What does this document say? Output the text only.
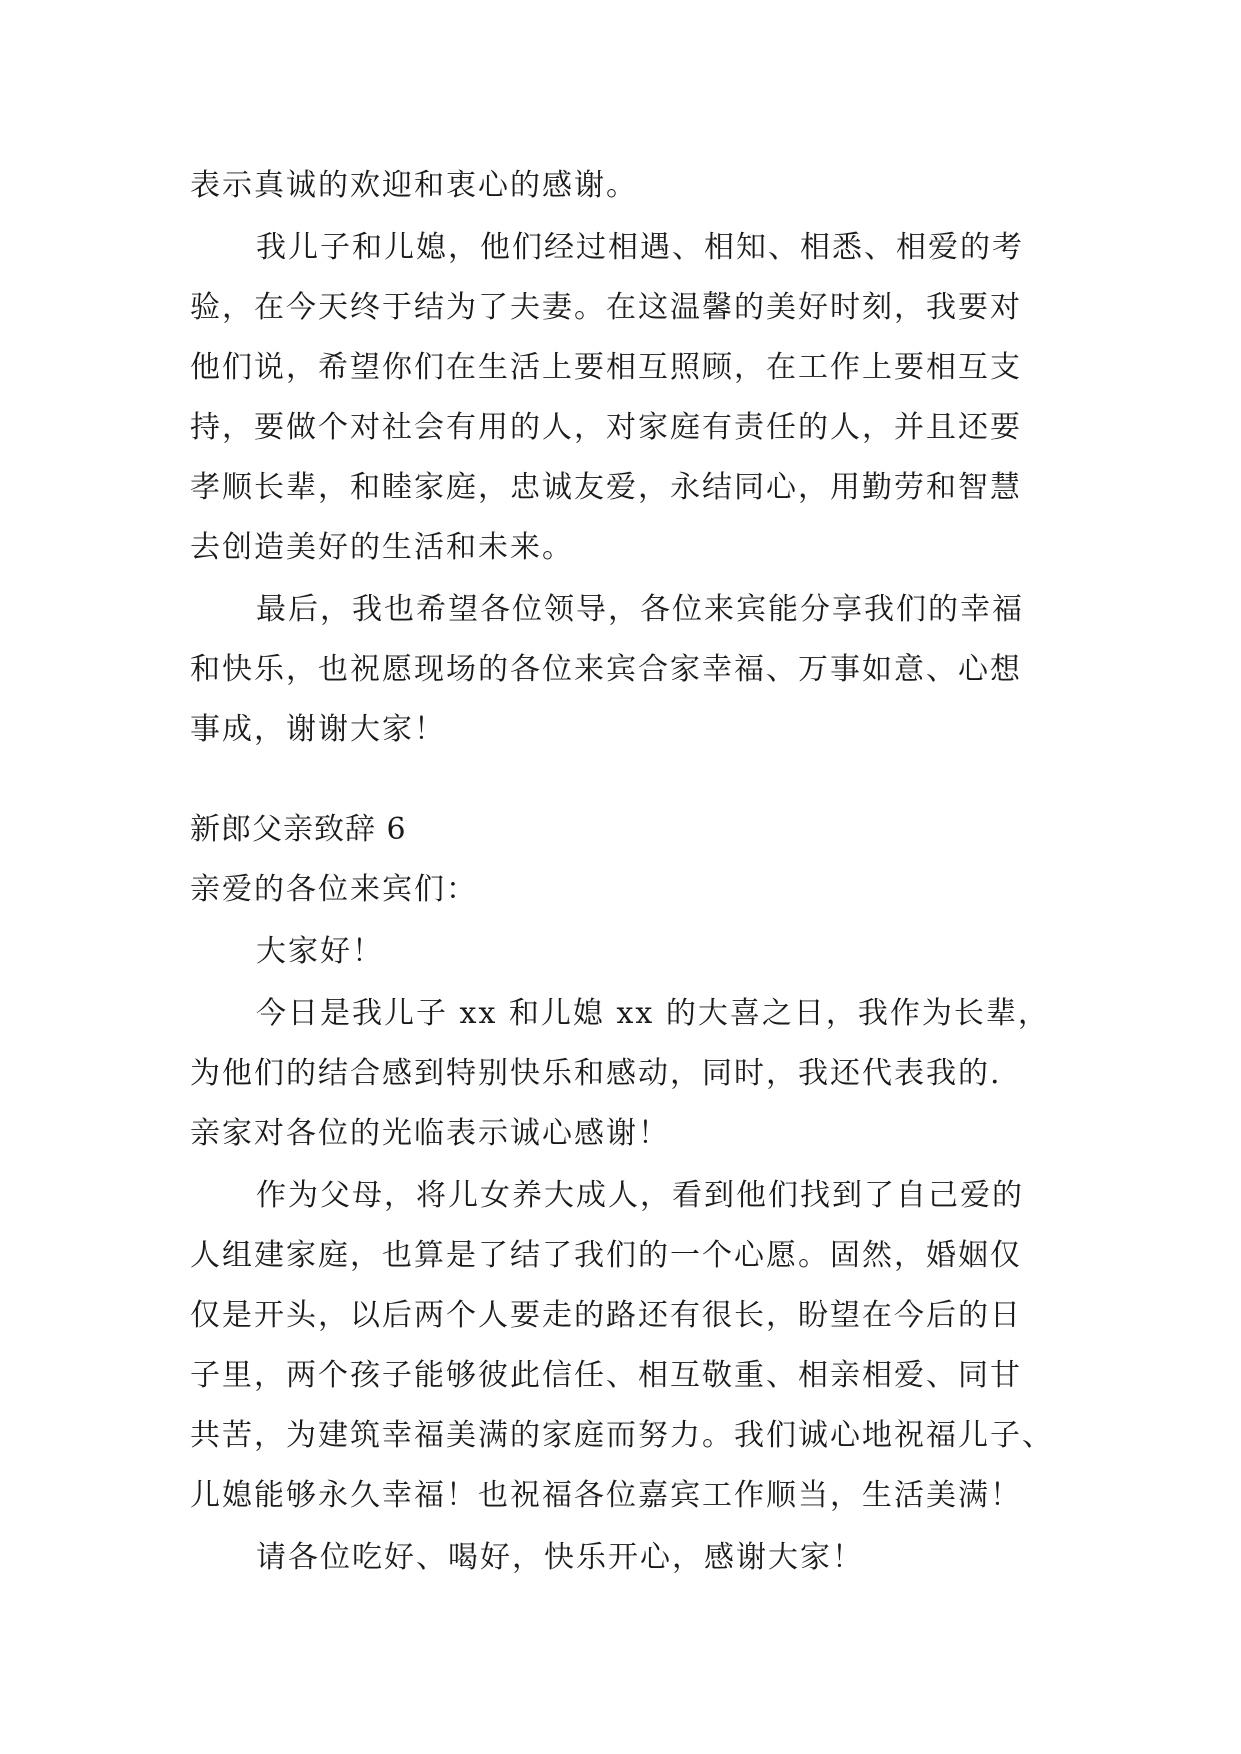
表示真诚的欢迎和衷心的感谢。
我儿子和儿媳，他们经过相遇、相知、相悉、相爱的考
验，在今天终于结为了夫妻。在这温馨的美好时刻，我要对
他们说，希望你们在生活上要相互照顾，在工作上要相互支
持，要做个对社会有用的人，对家庭有责任的人，并且还要
孝顺长辈，和睦家庭，忠诚友爱，永结同心，用勤劳和智慧
去创造美好的生活和未来。
最后，我也希望各位领导，各位来宾能分享我们的幸福
和快乐，也祝愿现场的各位来宾合家幸福、万事如意、心想
事成，谢谢大家！
新郎父亲致辞 6
亲爱的各位来宾们：
大家好！
今日是我儿子 xx 和儿媳 xx 的大喜之日，我作为长辈，
为他们的结合感到特别快乐和感动，同时，我还代表我的.
亲家对各位的光临表示诚心感谢！
作为父母，将儿女养大成人，看到他们找到了自己爱的
人组建家庭，也算是了结了我们的一个心愿。固然，婚姻仅
仅是开头，以后两个人要走的路还有很长，盼望在今后的日
子里，两个孩子能够彼此信任、相互敬重、相亲相爱、同甘
共苦，为建筑幸福美满的家庭而努力。我们诚心地祝福儿子、
儿媳能够永久幸福！也祝福各位嘉宾工作顺当，生活美满！
请各位吃好、喝好，快乐开心，感谢大家！
